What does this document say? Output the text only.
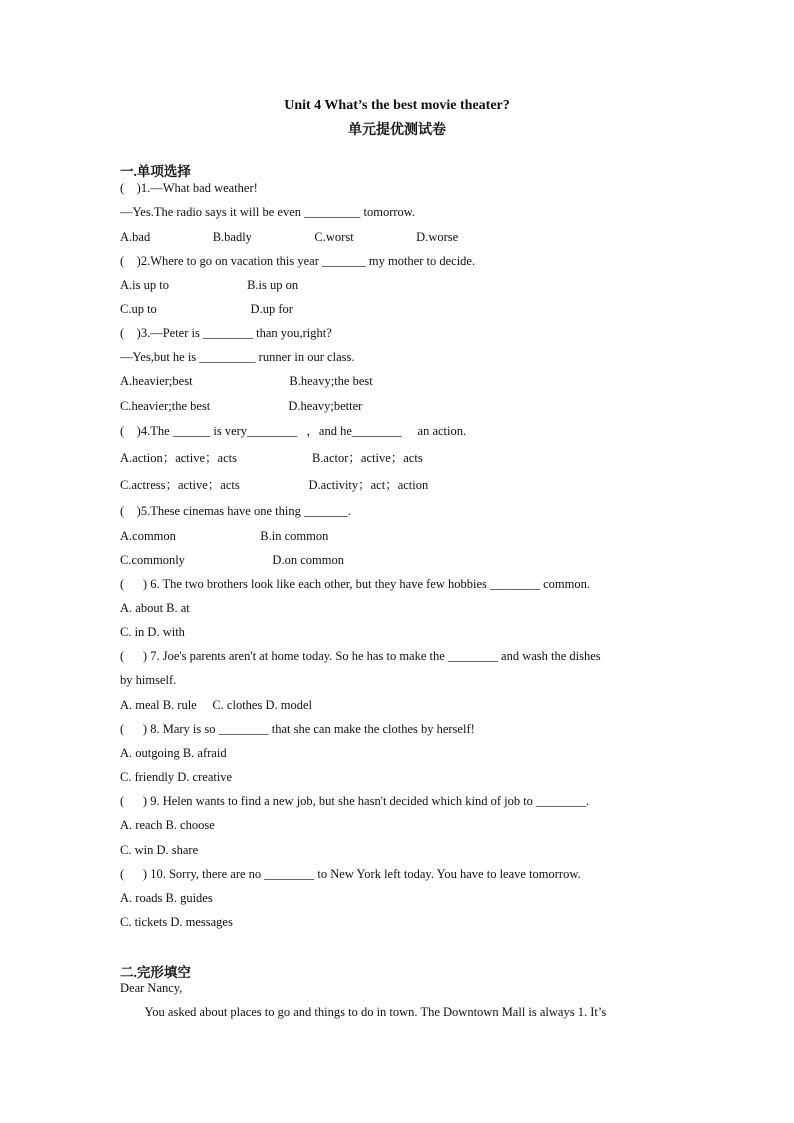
Unit 4 What’s the best movie theater?
单元提优测试卷
一.单项选择
(    )1.—What bad weather!
—Yes.The radio says it will be even _________ tomorrow.
A.bad                    B.badly                    C.worst                    D.worse
(    )2.Where to go on vacation this year _______ my mother to decide.
A.is up to                         B.is up on
C.up to                              D.up for
(    )3.—Peter is ________ than you,right?
—Yes,but he is _________ runner in our class.
A.heavier;best                               B.heavy;the best
C.heavier;the best                         D.heavy;better
(    )4.The ______ is very________   ，and he________     an action.
A.action；active；acts                        B.actor；active；acts
C.actress；active；acts                      D.activity；act；action
(    )5.These cinemas have one thing _______.
A.common                           B.in common
C.commonly                            D.on common
(      ) 6. The two brothers look like each other, but they have few hobbies ________ common.
A. about B. at
C. in D. with
(      ) 7. Joe's parents aren't at home today. So he has to make the ________ and wash the dishes
by himself.
A. meal B. rule     C. clothes D. model
(      ) 8. Mary is so ________ that she can make the clothes by herself!
A. outgoing B. afraid
C. friendly D. creative
(      ) 9. Helen wants to find a new job, but she hasn't decided which kind of job to ________.
A. reach B. choose
C. win D. share
(      ) 10. Sorry, there are no ________ to New York left today. You have to leave tomorrow.
A. roads B. guides
C. tickets D. messages
二.完形填空
Dear Nancy,
You asked about places to go and things to do in town. The Downtown Mall is always 1. It’s
